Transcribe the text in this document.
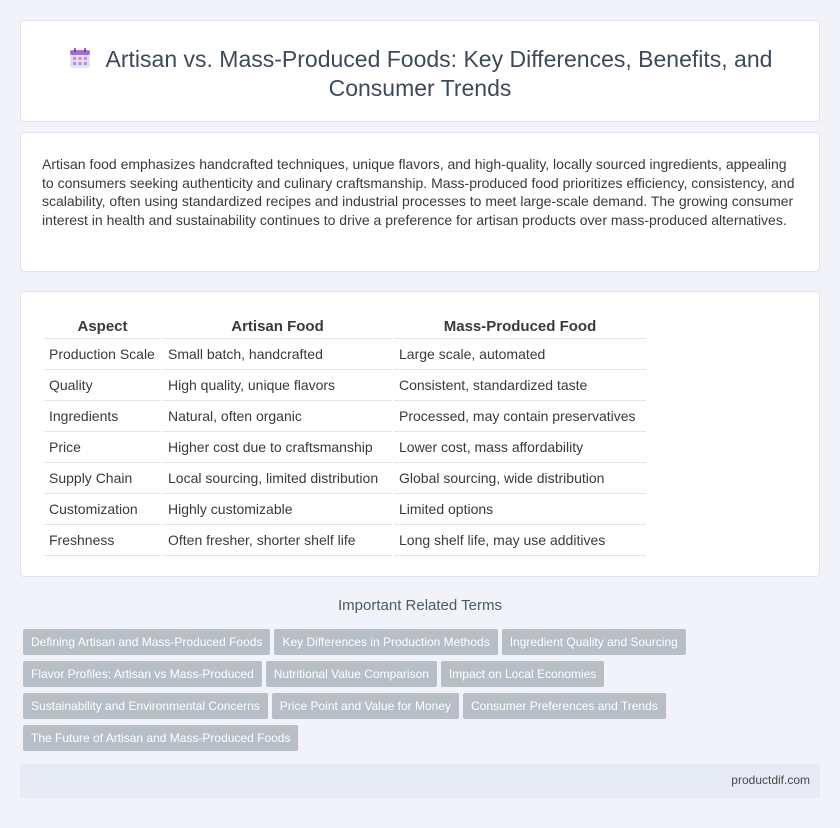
Artisan vs. Mass-Produced Foods: Key Differences, Benefits, and Consumer Trends

Artisan food emphasizes handcrafted techniques, unique flavors, and high-quality, locally sourced ingredients, appealing to consumers seeking authenticity and culinary craftsmanship. Mass-produced food prioritizes efficiency, consistency, and scalability, often using standardized recipes and industrial processes to meet large-scale demand. The growing consumer interest in health and sustainability continues to drive a preference for artisan products over mass-produced alternatives.

Aspect	Artisan Food	Mass-Produced Food
Production Scale	Small batch, handcrafted	Large scale, automated
Quality	High quality, unique flavors	Consistent, standardized taste
Ingredients	Natural, often organic	Processed, may contain preservatives
Price	Higher cost due to craftsmanship	Lower cost, mass affordability
Supply Chain	Local sourcing, limited distribution	Global sourcing, wide distribution
Customization	Highly customizable	Limited options
Freshness	Often fresher, shorter shelf life	Long shelf life, may use additives
Important Related Terms
Defining Artisan and Mass-Produced Foods Key Differences in Production Methods Ingredient Quality and Sourcing
Flavor Profiles: Artisan vs Mass-Produced Nutritional Value Comparison Impact on Local Economies
Sustainability and Environmental Concerns Price Point and Value for Money Consumer Preferences and Trends
The Future of Artisan and Mass-Produced Foods
productdif.com
